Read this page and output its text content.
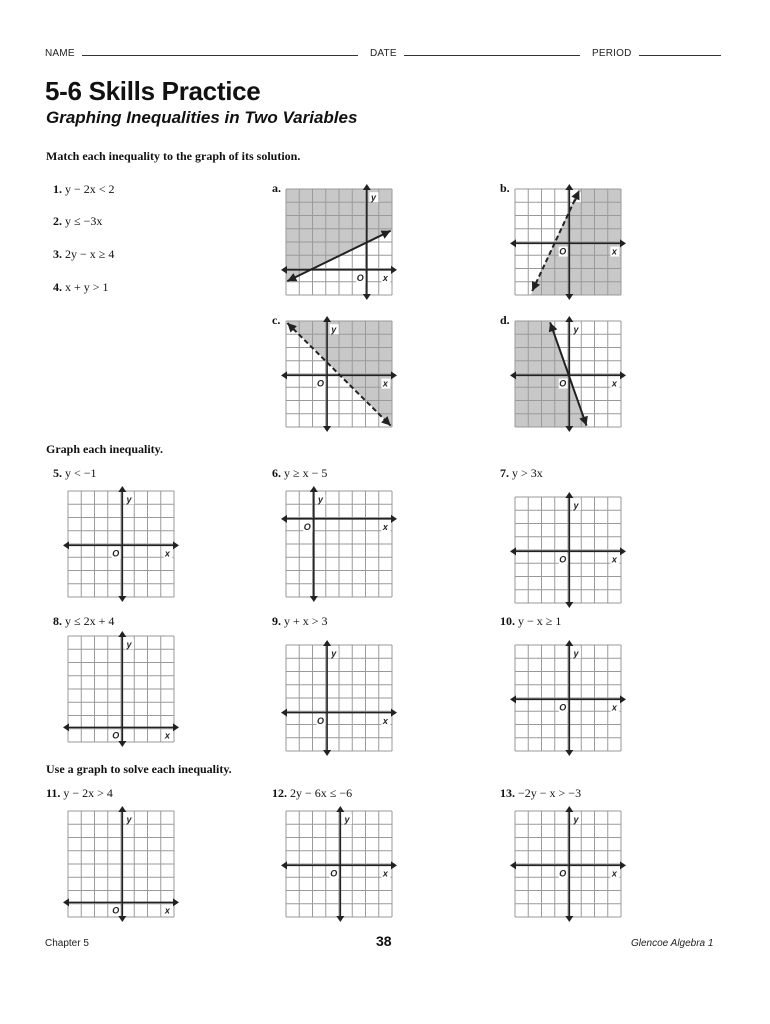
NAME	DATE	PERIOD
5-6 Skills Practice
Graphing Inequalities in Two Variables
Match each inequality to the graph of its solution.
1. y − 2x < 2
2. y ≤ −3x
3. 2y − x ≥ 4
4. x + y > 1
a.	b.
c.	d.
Graph each inequality.
5. y < −1	6. y ≥ x − 5	7. y > 3x
8. y ≤ 2x + 4	9. y + x > 3	10. y − x ≥ 1
Use a graph to solve each inequality.
11. y − 2x > 4	12. 2y − 6x ≤ −6	13. −2y − x > −3
x
y
O
x
O
x
y
O	x
y
O
x
y
O
x
y
O
x
y
O
x
y
O
x
y
O
x
y
O
x
y
O
x
y
O	x
y
O
Chapter 5	38	Glencoe Algebra 1
